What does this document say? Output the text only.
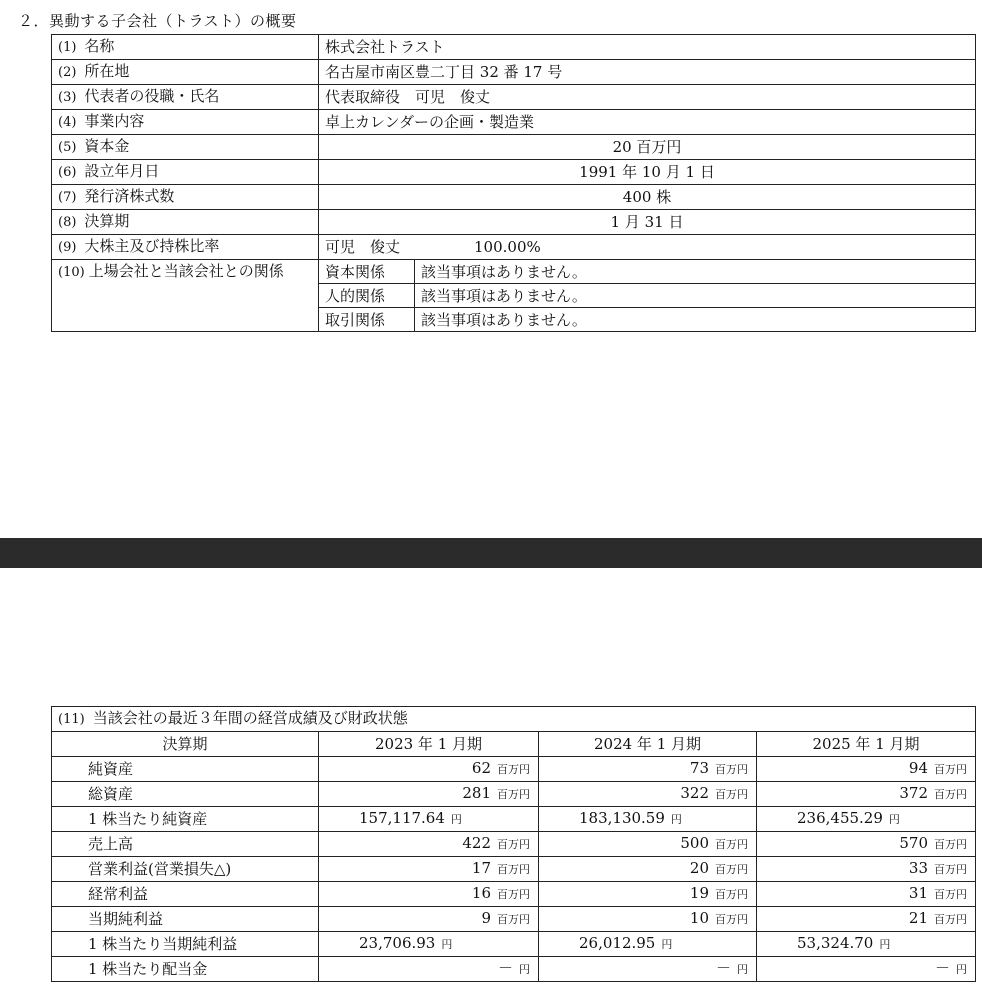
２．異動する子会社（トラスト）の概要
(1) 名称	株式会社トラスト	
(2) 所在地	名古屋市南区豊二丁目 32 番 17 号	
(3) 代表者の役職・氏名	代表取締役　可児　俊丈	
(4) 事業内容	卓上カレンダーの企画・製造業	
(5) 資本金	20 百万円	
(6) 設立年月日	1991 年 10 月 1 日	
(7) 発行済株式数	400 株	
(8) 決算期	1 月 31 日	
(9) 大株主及び持株比率	可児　俊丈 100.00%	
(10) 上場会社と当該会社との関係	資本関係	該当事項はありません。
	人的関係	該当事項はありません。
	取引関係	該当事項はありません。
(11) 当該会社の最近３年間の経営成績及び財政状態			
決算期	2023 年 1 月期	2024 年 1 月期	2025 年 1 月期
純資産	62 百万円	73 百万円	94 百万円
総資産	281 百万円	322 百万円	372 百万円
1 株当たり純資産	157,117.64 円	183,130.59 円	236,455.29 円
売上高	422 百万円	500 百万円	570 百万円
営業利益(営業損失△)	17 百万円	20 百万円	33 百万円
経常利益	16 百万円	19 百万円	31 百万円
当期純利益	9 百万円	10 百万円	21 百万円
1 株当たり当期純利益	23,706.93 円	26,012.95 円	53,324.70 円
1 株当たり配当金	－ 円	－ 円	－ 円
